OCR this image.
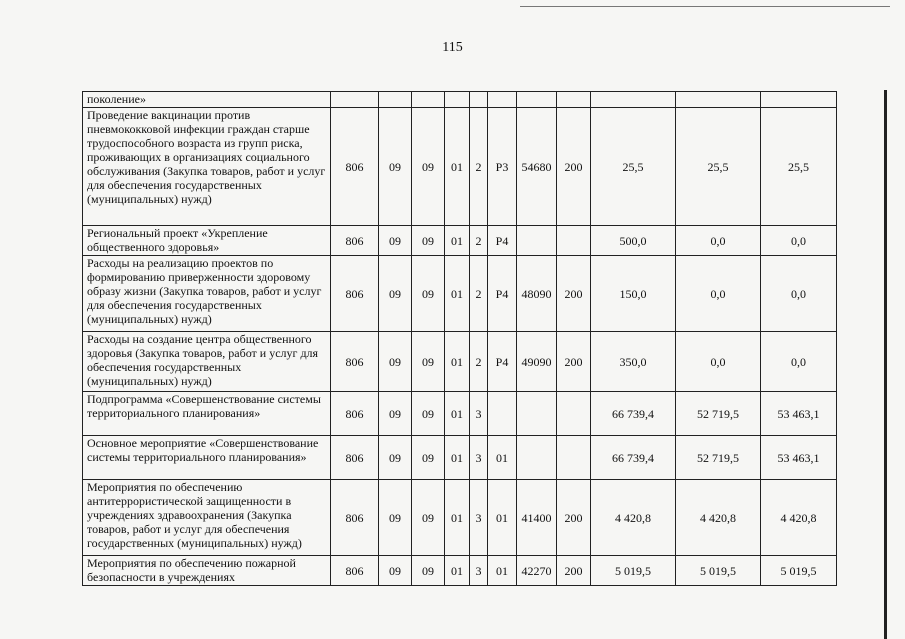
115
поколение»											
Проведение вакцинации против пневмококковой инфекции граждан старше трудоспособного возраста из групп риска, проживающих в организациях социального обслуживания (Закупка товаров, работ и услуг для обеспечения государственных (муниципальных) нужд)	806	09	09	01	2	Р3	54680	200	25,5	25,5	25,5
Региональный проект «Укрепление общественного здоровья»	806	09	09	01	2	Р4			500,0	0,0	0,0
Расходы на реализацию проектов по формированию приверженности здоровому образу жизни (Закупка товаров, работ и услуг для обеспечения государственных (муниципальных) нужд)	806	09	09	01	2	Р4	48090	200	150,0	0,0	0,0
Расходы на создание центра общественного здоровья (Закупка товаров, работ и услуг для обеспечения государственных (муниципальных) нужд)	806	09	09	01	2	Р4	49090	200	350,0	0,0	0,0
Подпрограмма «Совершенствование системы территориального планирования»	806	09	09	01	3				66 739,4	52 719,5	53 463,1
Основное мероприятие «Совершенствование системы территориального планирования»	806	09	09	01	3	01			66 739,4	52 719,5	53 463,1
Мероприятия по обеспечению антитеррористической защищенности в учреждениях здравоохранения (Закупка товаров, работ и услуг для обеспечения государственных (муниципальных) нужд)	806	09	09	01	3	01	41400	200	4 420,8	4 420,8	4 420,8
Мероприятия по обеспечению пожарной безопасности в учреждениях	806	09	09	01	3	01	42270	200	5 019,5	5 019,5	5 019,5
